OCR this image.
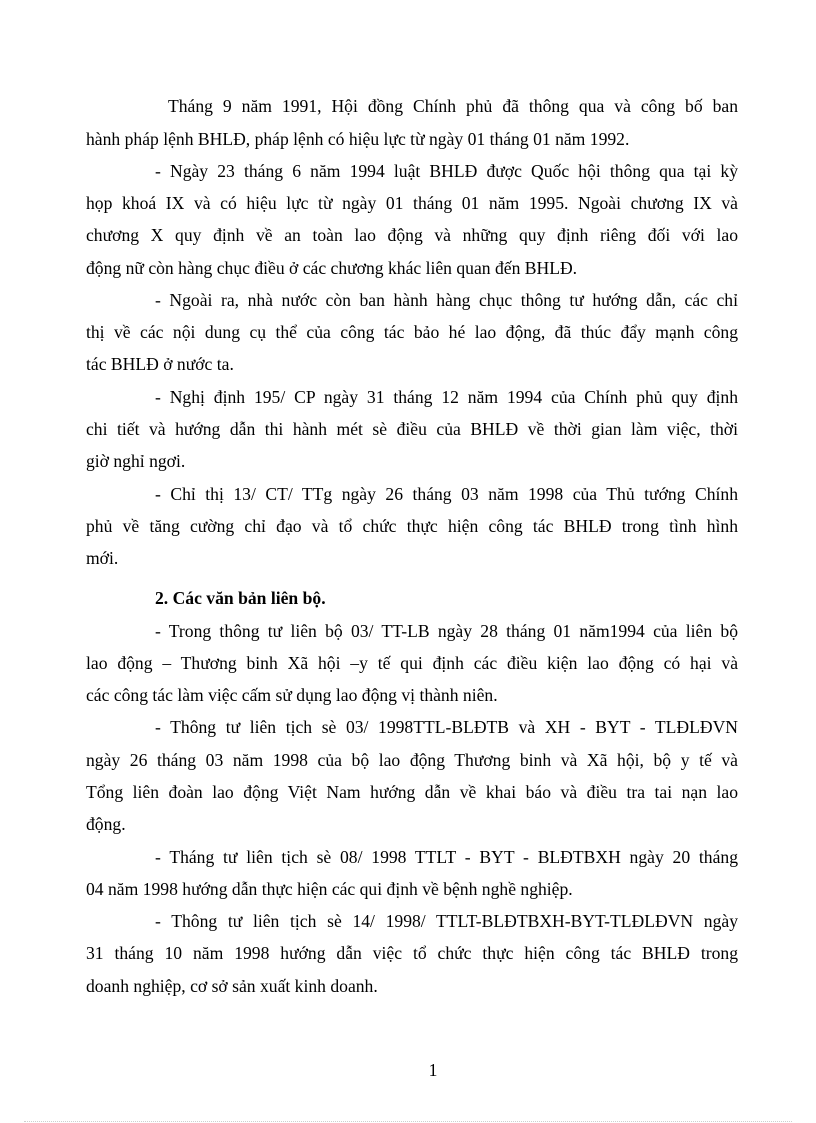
Tháng 9 năm 1991, Hội đồng Chính phủ đã thông qua và công bố ban
hành pháp lệnh BHLĐ, pháp lệnh có hiệu lực từ ngày 01 tháng 01 năm 1992.
- Ngày 23 tháng 6 năm 1994 luật BHLĐ được Quốc hội thông qua tại kỳ
họp khoá IX và có hiệu lực từ ngày 01 tháng 01 năm 1995. Ngoài chương IX và
chương X quy định về an toàn lao động và những quy định riêng đối với lao
động nữ còn hàng chục điều ở các chương khác liên quan đến BHLĐ.
- Ngoài ra, nhà nước còn ban hành hàng chục thông tư hướng dẫn, các chỉ
thị về các nội dung cụ thể của công tác bảo hé lao động, đã thúc đẩy mạnh công
tác BHLĐ ở nước ta.
- Nghị định 195/ CP ngày 31 tháng 12 năm 1994 của Chính phủ quy định
chi tiết và hướng dẫn thi hành mét sè điều của BHLĐ về thời gian làm việc, thời
giờ nghỉ ngơi.
- Chỉ thị 13/ CT/ TTg ngày 26 tháng 03 năm 1998 của Thủ tướng Chính
phủ về tăng cường chỉ đạo và tổ chức thực hiện công tác BHLĐ trong tình hình
mới.
2. Các văn bản liên bộ.
- Trong thông tư liên bộ 03/ TT-LB ngày 28 tháng 01 năm1994 của liên bộ
lao động – Thương binh Xã hội –y tế qui định các điều kiện lao động có hại và
các công tác làm việc cấm sử dụng lao động vị thành niên.
- Thông tư liên tịch sè 03/ 1998TTL-BLĐTB và XH - BYT - TLĐLĐVN
ngày 26 tháng 03 năm 1998 của bộ lao động Thương binh và Xã hội, bộ y tế và
Tổng liên đoàn lao động Việt Nam hướng dẫn về khai báo và điều tra tai nạn lao
động.
- Tháng tư liên tịch sè 08/ 1998 TTLT - BYT - BLĐTBXH ngày 20 tháng
04 năm 1998 hướng dẫn thực hiện các qui định về bệnh nghề nghiệp.
- Thông tư liên tịch sè 14/ 1998/ TTLT-BLĐTBXH-BYT-TLĐLĐVN ngày
31 tháng 10 năm 1998 hướng dẫn việc tổ chức thực hiện công tác BHLĐ trong
doanh nghiệp, cơ sở sản xuất kinh doanh.
1
